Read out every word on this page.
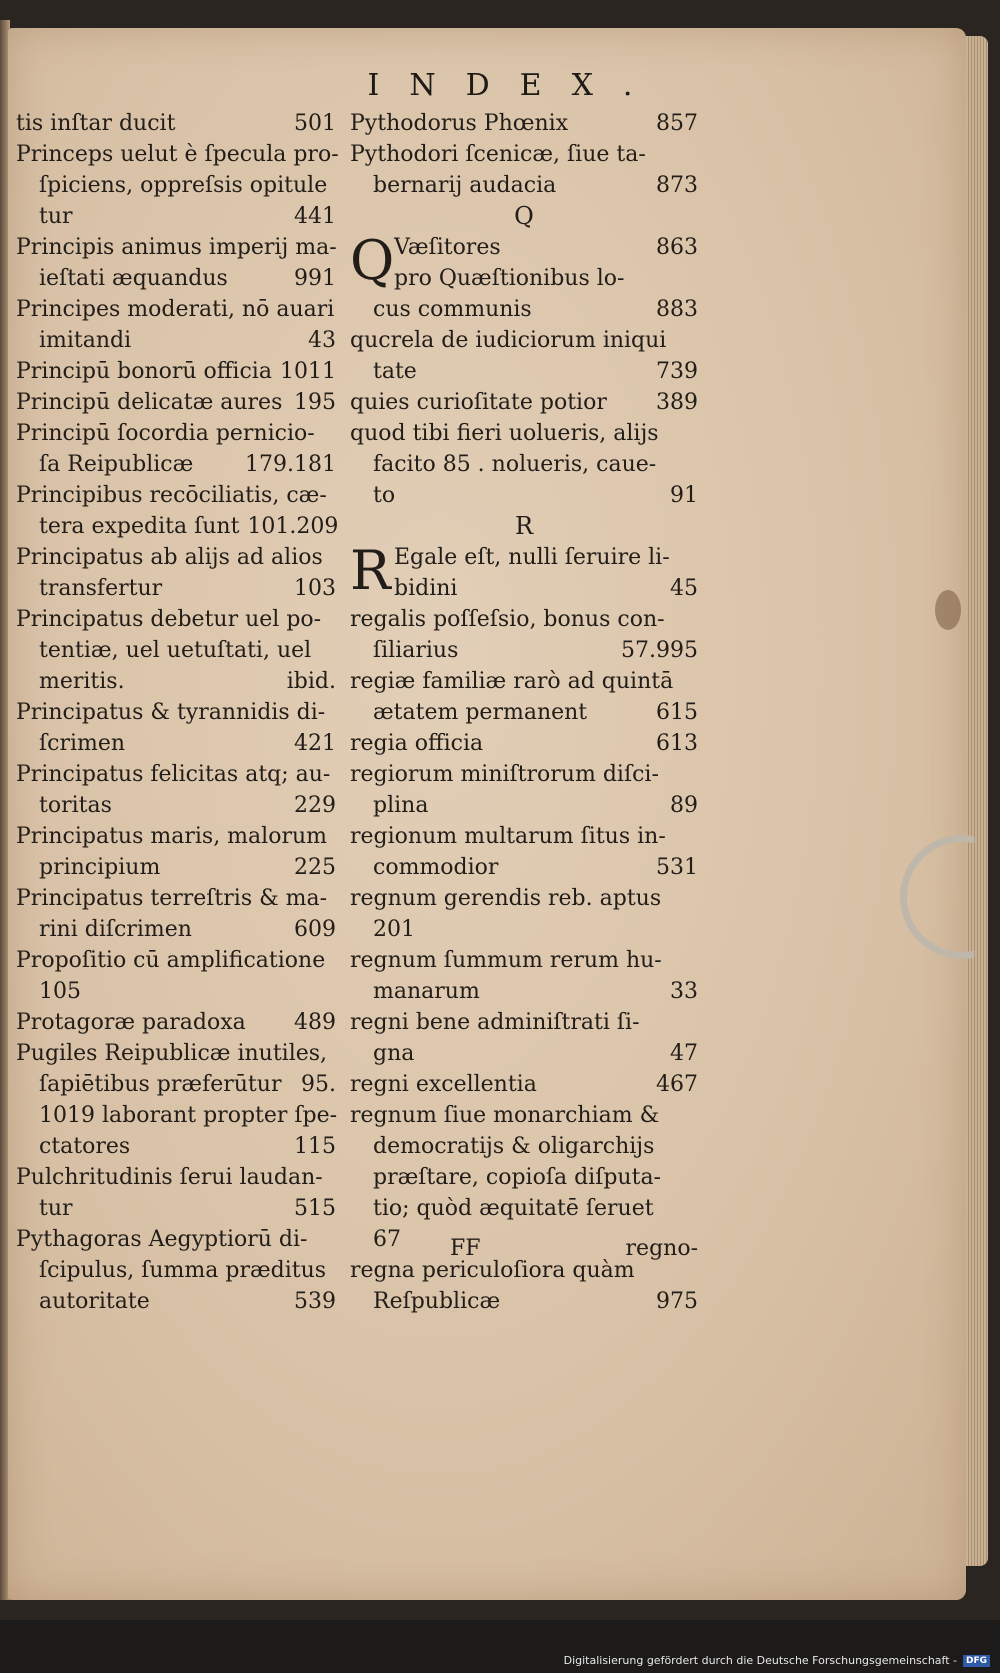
INDEX.
tis inſtar ducit	501
Princeps uelut è ſpecula pro-
ſpiciens, oppreſsis opitule
tur	441
Principis animus imperij ma-
ieſtati æquandus	991
Principes moderati, nō auari
imitandi	43
Principū bonorū officia 1011
Principū delicatæ aures 195
Principū ſocordia pernicio-
ſa Reipublicæ	179.181
Principibus recōciliatis, cæ-
tera expedita ſunt 101.209
Principatus ab alijs ad alios
transfertur	103
Principatus debetur uel po-
tentiæ, uel uetuſtati, uel
meritis.	ibid.
Principatus & tyrannidis di-
ſcrimen	421
Principatus felicitas atq; au-
toritas	229
Principatus maris, malorum
principium	225
Principatus terreſtris & ma-
rini diſcrimen	609
Propoſitio cū amplificatione
105
Protagoræ paradoxa	489
Pugiles Reipublicæ inutiles,
ſapiētibus præferūtur 95.
1019 laborant propter ſpe-
ctatores	115
Pulchritudinis ſerui laudan-
tur	515
Pythagoras Aegyptiorū di-
ſcipulus, ſumma præditus
autoritate	539
Pythodorus Phœnix	857
Pythodori ſcenicæ, ſiue ta-
bernarij audacia	873
Q
Q Væſitores	863
pro Quæſtionibus lo-
cus communis	883
qucrela de iudiciorum iniqui
tate	739
quies curioſitate potior	389
quod tibi fieri uolueris, alijs
facito 85 . nolueris, caue-
to	91
R
R Egale eſt, nulli ſeruire li-
bidini	45
regalis poſſeſsio, bonus con-
ſiliarius	57.995
regiæ familiæ rarò ad quintā
ætatem permanent	615
regia officia	613
regiorum miniſtrorum diſci-
plina	89
regionum multarum ſitus in-
commodior	531
regnum gerendis reb. aptus
201
regnum ſummum rerum hu-
manarum	33
regni bene adminiſtrati ſi-
gna	47
regni excellentia	467
regnum ſiue monarchiam &
democratijs & oligarchijs
præſtare, copioſa diſputa-
tio; quòd æquitatē ſeruet
67
regna periculoſiora quàm
Reſpublicæ	975
FF	regno-
Digitalisierung gefördert durch die Deutsche Forschungsgemeinschaft -	DFG
